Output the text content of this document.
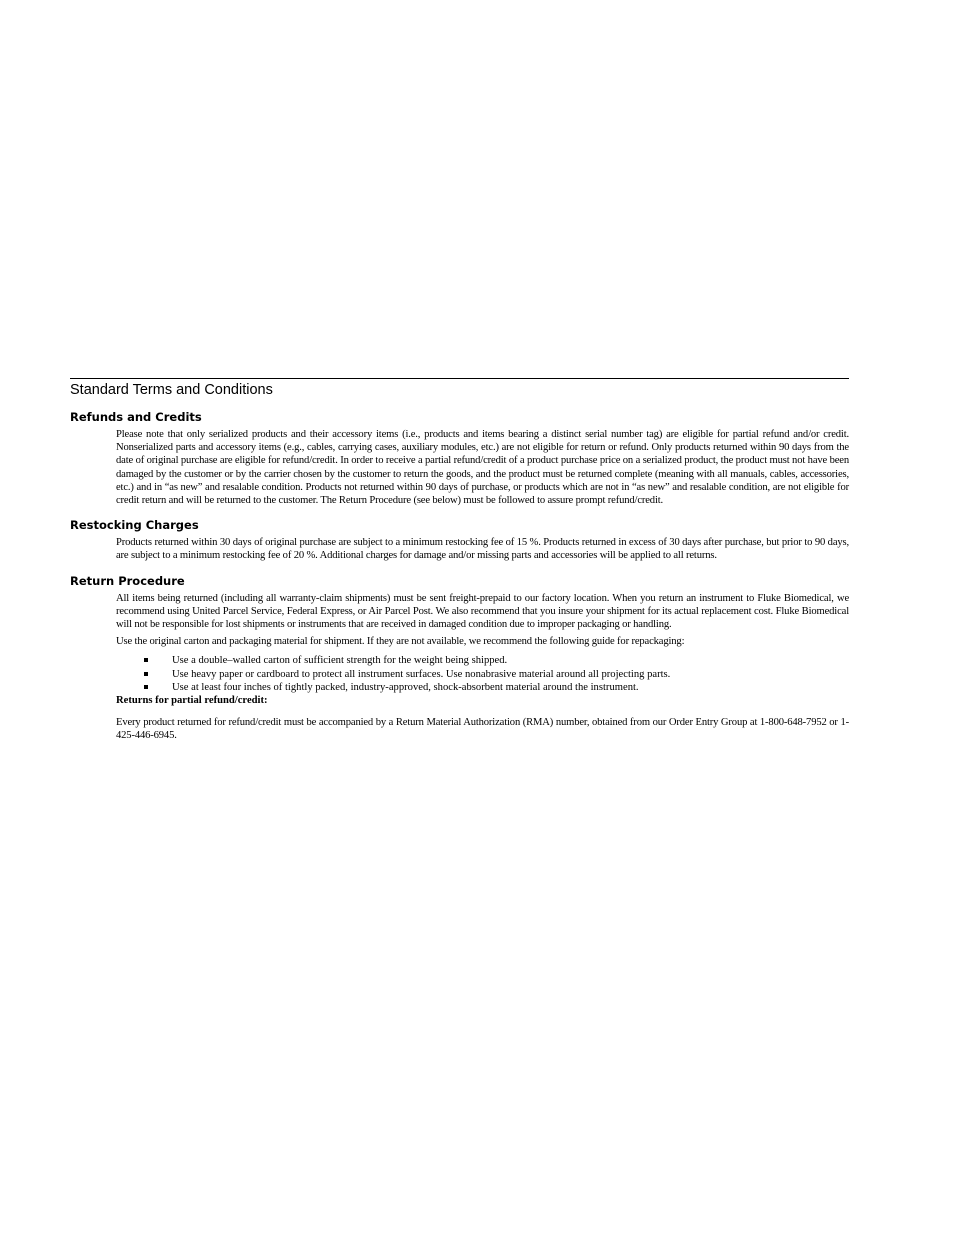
Standard Terms and Conditions
Refunds and Credits

Please note that only serialized products and their accessory items (i.e., products and items bearing a distinct serial number tag) are eligible for partial refund and/or credit. Nonserialized parts and accessory items (e.g., cables, carrying cases, auxiliary modules, etc.) are not eligible for return or refund. Only products returned within 90 days from the date of original purchase are eligible for refund/credit. In order to receive a partial refund/credit of a product purchase price on a serialized product, the product must not have been damaged by the customer or by the carrier chosen by the customer to return the goods, and the product must be returned complete (meaning with all manuals, cables, accessories, etc.) and in “as new” and resalable condition. Products not returned within 90 days of purchase, or products which are not in “as new” and resalable condition, are not eligible for credit return and will be returned to the customer. The Return Procedure (see below) must be followed to assure prompt refund/credit.

Restocking Charges

Products returned within 30 days of original purchase are subject to a minimum restocking fee of 15 %. Products returned in excess of 30 days after purchase, but prior to 90 days, are subject to a minimum restocking fee of 20 %. Additional charges for damage and/or missing parts and accessories will be applied to all returns.

Return Procedure

All items being returned (including all warranty-claim shipments) must be sent freight-prepaid to our factory location. When you return an instrument to Fluke Biomedical, we recommend using United Parcel Service, Federal Express, or Air Parcel Post. We also recommend that you insure your shipment for its actual replacement cost. Fluke Biomedical will not be responsible for lost shipments or instruments that are received in damaged condition due to improper packaging or handling.

Use the original carton and packaging material for shipment. If they are not available, we recommend the following guide for repackaging:

Use a double–walled carton of sufficient strength for the weight being shipped.
Use heavy paper or cardboard to protect all instrument surfaces. Use nonabrasive material around all projecting parts.
Use at least four inches of tightly packed, industry-approved, shock-absorbent material around the instrument.

Returns for partial refund/credit:

Every product returned for refund/credit must be accompanied by a Return Material Authorization (RMA) number, obtained from our Order Entry Group at 1-800-648-7952 or 1-425-446-6945.
